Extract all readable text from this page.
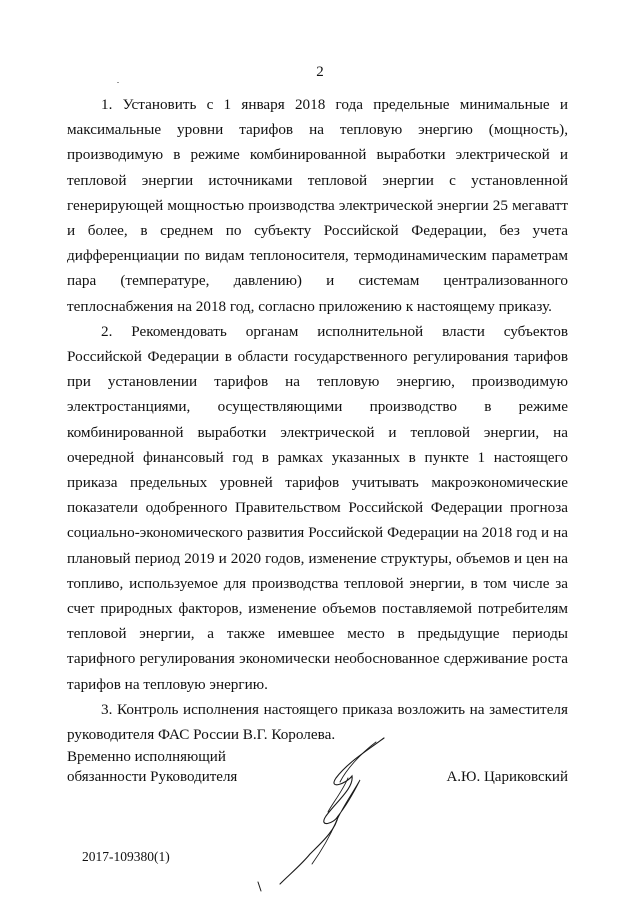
2

1. Установить с 1 января 2018 года предельные минимальные и максимальные уровни тарифов на тепловую энергию (мощность), производимую в режиме комбинированной выработки электрической и тепловой энергии источниками тепловой энергии с установленной генерирующей мощностью производства электрической энергии 25 мегаватт и более, в среднем по субъекту Российской Федерации, без учета дифференциации по видам теплоносителя, термодинамическим параметрам пара (температуре, давлению) и системам централизованного теплоснабжения на 2018 год, согласно приложению к настоящему приказу.

2. Рекомендовать органам исполнительной власти субъектов Российской Федерации в области государственного регулирования тарифов при установлении тарифов на тепловую энергию, производимую электростанциями, осуществляющими производство в режиме комбинированной выработки электрической и тепловой энергии, на очередной финансовый год в рамках указанных в пункте 1 настоящего приказа предельных уровней тарифов учитывать макроэкономические показатели одобренного Правительством Российской Федерации прогноза социально-экономического развития Российской Федерации на 2018 год и на плановый период 2019 и 2020 годов, изменение структуры, объемов и цен на топливо, используемое для производства тепловой энергии, в том числе за счет природных факторов, изменение объемов поставляемой потребителям тепловой энергии, а также имевшее место в предыдущие периоды тарифного регулирования экономически необоснованное сдерживание роста тарифов на тепловую энергию.

3. Контроль исполнения настоящего приказа возложить на заместителя руководителя ФАС России В.Г. Королева.

Временно исполняющий
обязанности Руководителя	А.Ю. Цариковский
2017-109380(1)
